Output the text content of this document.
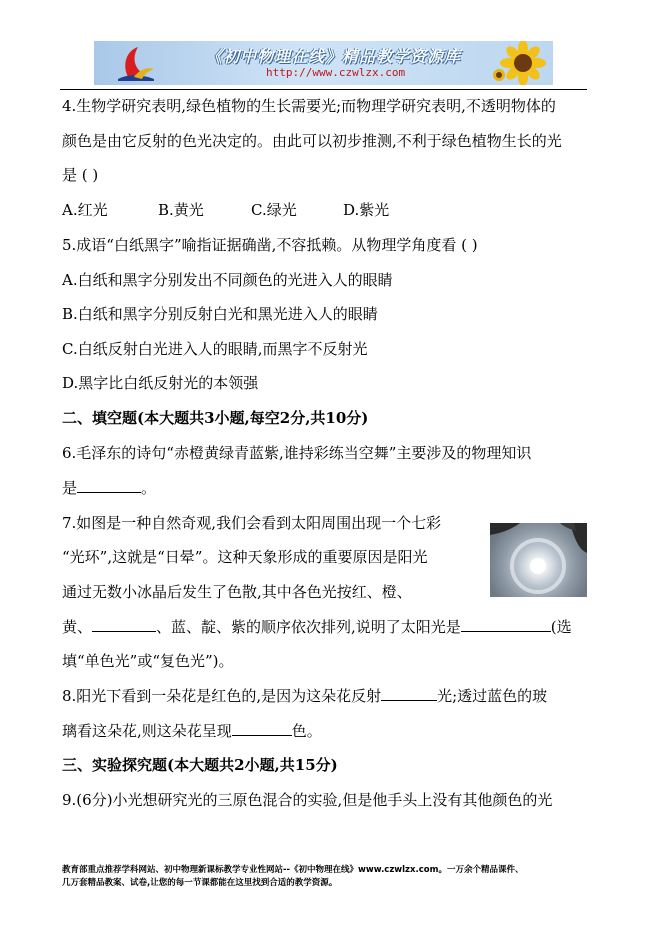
《初中物理在线》精品教学资源库
http://www.czwlzx.com
4.生物学研究表明,绿色植物的生长需要光;而物理学研究表明,不透明物体的
颜色是由它反射的色光决定的。由此可以初步推测,不利于绿色植物生长的光
是 ( )
A.红光	B.黄光	C.绿光	D.紫光
5.成语“白纸黑字”喻指证据确凿,不容抵赖。从物理学角度看 ( )
A.白纸和黑字分别发出不同颜色的光进入人的眼睛
B.白纸和黑字分别反射白光和黑光进入人的眼睛
C.白纸反射白光进入人的眼睛,而黑字不反射光
D.黑字比白纸反射光的本领强
二、填空题(本大题共3小题,每空2分,共10分)
6.毛泽东的诗句“赤橙黄绿青蓝紫,谁持彩练当空舞”主要涉及的物理知识
是	。
7.如图是一种自然奇观,我们会看到太阳周围出现一个七彩
“光环”,这就是“日晕”。这种天象形成的重要原因是阳光
通过无数小冰晶后发生了色散,其中各色光按红、橙、
黄、	、蓝、靛、紫的顺序依次排列,说明了太阳光是	(选
填“单色光”或“复色光”)。
8.阳光下看到一朵花是红色的,是因为这朵花反射	光;透过蓝色的玻
璃看这朵花,则这朵花呈现	色。
三、实验探究题(本大题共2小题,共15分)
9.(6分)小光想研究光的三原色混合的实验,但是他手头上没有其他颜色的光
教育部重点推荐学科网站、初中物理新课标教学专业性网站--《初中物理在线》www.czwlzx.com。一万余个精品课件、
几万套精品教案、试卷,让您的每一节课都能在这里找到合适的教学资源。
